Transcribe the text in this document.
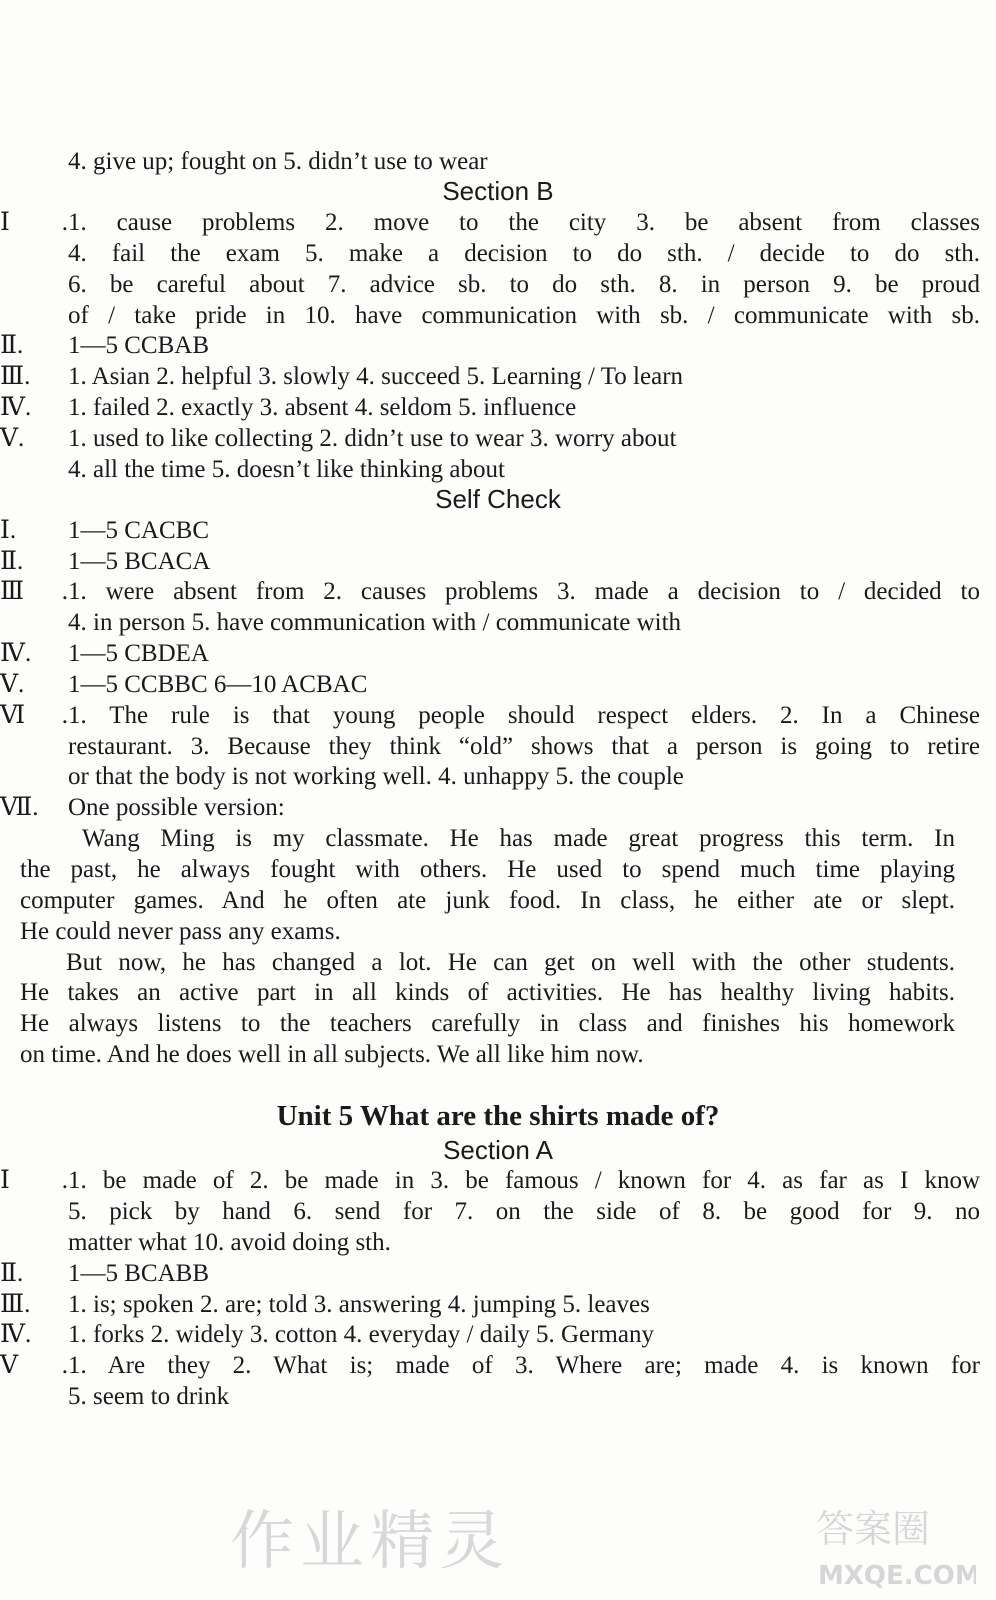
4. give up; fought on 5. didn’t use to wear
Section B
Ⅰ. 1. cause problems 2. move to the city 3. be absent from classes
4. fail the exam 5. make a decision to do sth. / decide to do sth.
6. be careful about 7. advice sb. to do sth. 8. in person 9. be proud
of / take pride in 10. have communication with sb. / communicate with sb.
Ⅱ.	1—5 CCBAB
Ⅲ.	1. Asian 2. helpful 3. slowly 4. succeed 5. Learning / To learn
Ⅳ.	1. failed 2. exactly 3. absent 4. seldom 5. influence
Ⅴ.	1. used to like collecting 2. didn’t use to wear 3. worry about
4. all the time 5. doesn’t like thinking about
Self Check
Ⅰ.	1—5 CACBC
Ⅱ.	1—5 BCACA
Ⅲ. 1. were absent from 2. causes problems 3. made a decision to / decided to
4. in person 5. have communication with / communicate with
Ⅳ.	1—5 CBDEA
Ⅴ.	1—5 CCBBC 6—10 ACBAC
Ⅵ. 1. The rule is that young people should respect elders. 2. In a Chinese
restaurant. 3. Because they think “old” shows that a person is going to retire
or that the body is not working well. 4. unhappy 5. the couple
Ⅶ.	One possible version:
Wang Ming is my classmate. He has made great progress this term. In
the past, he always fought with others. He used to spend much time playing
computer games. And he often ate junk food. In class, he either ate or slept.
He could never pass any exams.
But now, he has changed a lot. He can get on well with the other students.
He takes an active part in all kinds of activities. He has healthy living habits.
He always listens to the teachers carefully in class and finishes his homework
on time. And he does well in all subjects. We all like him now.
Unit 5 What are the shirts made of?
Section A
Ⅰ. 1. be made of 2. be made in 3. be famous / known for 4. as far as I know
5. pick by hand 6. send for 7. on the side of 8. be good for 9. no
matter what 10. avoid doing sth.
Ⅱ.	1—5 BCABB
Ⅲ.	1. is; spoken 2. are; told 3. answering 4. jumping 5. leaves
Ⅳ.	1. forks 2. widely 3. cotton 4. everyday / daily 5. Germany
Ⅴ. 1. Are they 2. What is; made of 3. Where are; made 4. is known for
5. seem to drink
作业精灵	答案圈
MXQE.COM
